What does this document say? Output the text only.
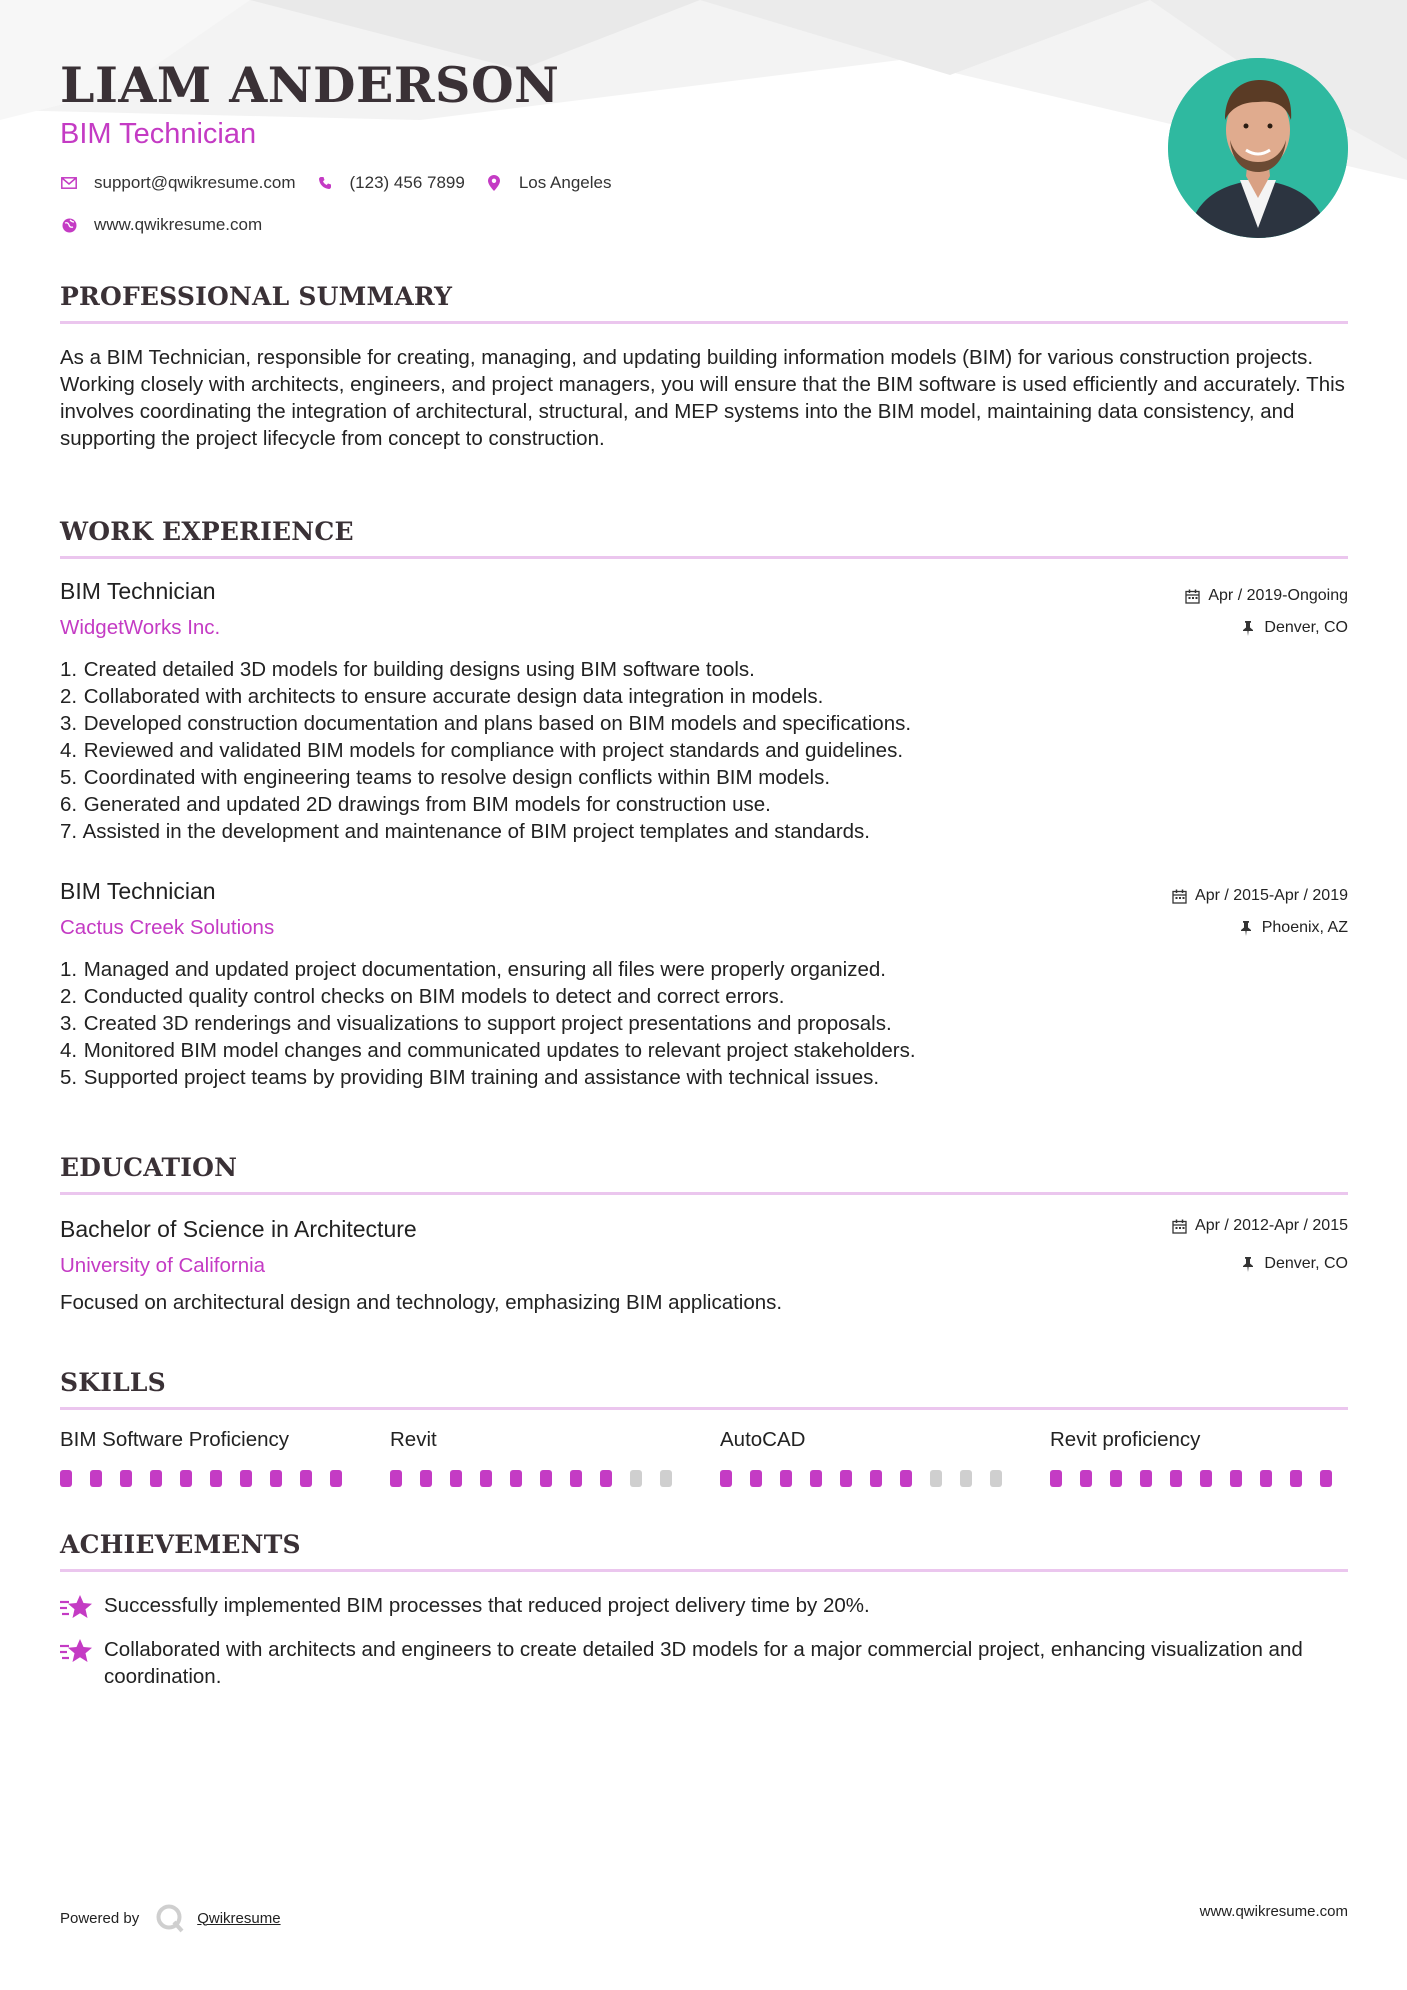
LIAM ANDERSON
BIM Technician
support@qwikresume.com	(123) 456 7899	Los Angeles
www.qwikresume.com
PROFESSIONAL SUMMARY
As a BIM Technician, responsible for creating, managing, and updating building information models (BIM) for various construction projects. Working closely with architects, engineers, and project managers, you will ensure that the BIM software is used efficiently and accurately. This involves coordinating the integration of architectural, structural, and MEP systems into the BIM model, maintaining data consistency, and supporting the project lifecycle from concept to construction.
WORK EXPERIENCE
BIM Technician
WidgetWorks Inc.
Apr / 2019-Ongoing
Denver, CO
1. Created detailed 3D models for building designs using BIM software tools.
2. Collaborated with architects to ensure accurate design data integration in models.
3. Developed construction documentation and plans based on BIM models and specifications.
4. Reviewed and validated BIM models for compliance with project standards and guidelines.
5. Coordinated with engineering teams to resolve design conflicts within BIM models.
6. Generated and updated 2D drawings from BIM models for construction use.
7. Assisted in the development and maintenance of BIM project templates and standards.
BIM Technician
Cactus Creek Solutions
Apr / 2015-Apr / 2019
Phoenix, AZ
1. Managed and updated project documentation, ensuring all files were properly organized.
2. Conducted quality control checks on BIM models to detect and correct errors.
3. Created 3D renderings and visualizations to support project presentations and proposals.
4. Monitored BIM model changes and communicated updates to relevant project stakeholders.
5. Supported project teams by providing BIM training and assistance with technical issues.
EDUCATION
Bachelor of Science in Architecture
University of California
Apr / 2012-Apr / 2015
Denver, CO
Focused on architectural design and technology, emphasizing BIM applications.
SKILLS
BIM Software Proficiency	Revit	AutoCAD	Revit proficiency
ACHIEVEMENTS
Successfully implemented BIM processes that reduced project delivery time by 20%.
Collaborated with architects and engineers to create detailed 3D models for a major commercial project, enhancing visualization and coordination.
Powered by	Qwikresume	www.qwikresume.com
